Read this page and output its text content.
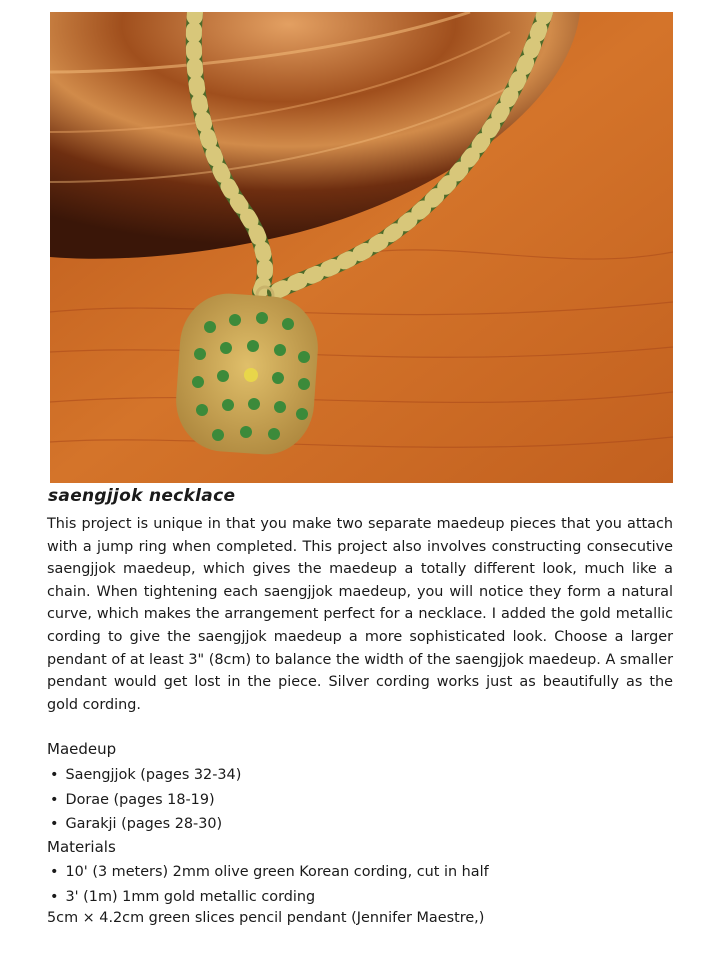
saengjjok necklace

This project is unique in that you make two separate maedeup pieces that you attach with a jump ring when completed. This project also involves constructing consecutive saengjjok maedeup, which gives the maedeup a totally different look, much like a chain. When tightening each saengjjok maedeup, you will notice they form a natural curve, which makes the arrangement perfect for a necklace. I added the gold metallic cording to give the saengjjok maedeup a more sophisticated look. Choose a larger pendant of at least 3" (8cm) to balance the width of the saengjjok maedeup. A smaller pendant would get lost in the piece. Silver cording works just as beautifully as the gold cording.

Maedeup
• Saengjjok (pages 32-34)
• Dorae (pages 18-19)
• Garakji (pages 28-30)
Materials
• 10' (3 meters) 2mm olive green Korean cording, cut in half
• 3' (1m) 1mm gold metallic cording
5cm × 4.2cm green slices pencil pendant (Jennifer Maestre,)
